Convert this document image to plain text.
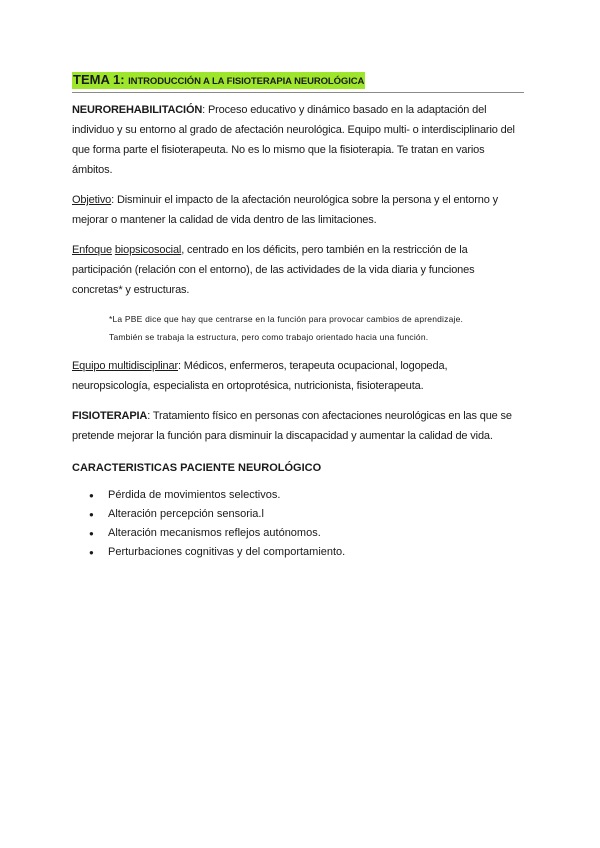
TEMA 1: INTRODUCCIÓN A LA FISIOTERAPIA NEUROLÓGICA

NEUROREHABILITACIÓN: Proceso educativo y dinámico basado en la adaptación del individuo y su entorno al grado de afectación neurológica. Equipo multi- o interdisciplinario del que forma parte el fisioterapeuta. No es lo mismo que la fisioterapia. Te tratan en varios ámbitos.

Objetivo: Disminuir el impacto de la afectación neurológica sobre la persona y el entorno y mejorar o mantener la calidad de vida dentro de las limitaciones.

Enfoque biopsicosocial, centrado en los déficits, pero también en la restricción de la participación (relación con el entorno), de las actividades de la vida diaria y funciones concretas* y estructuras.

*La PBE dice que hay que centrarse en la función para provocar cambios de aprendizaje.
También se trabaja la estructura, pero como trabajo orientado hacia una función.

Equipo multidisciplinar: Médicos, enfermeros, terapeuta ocupacional, logopeda, neuropsicología, especialista en ortoprotésica, nutricionista, fisioterapeuta.

FISIOTERAPIA: Tratamiento físico en personas con afectaciones neurológicas en las que se pretende mejorar la función para disminuir la discapacidad y aumentar la calidad de vida.

CARACTERISTICAS PACIENTE NEUROLÓGICO
●	Pérdida de movimientos selectivos.
●	Alteración percepción sensoria.l
●	Alteración mecanismos reflejos autónomos.
●	Perturbaciones cognitivas y del comportamiento.
